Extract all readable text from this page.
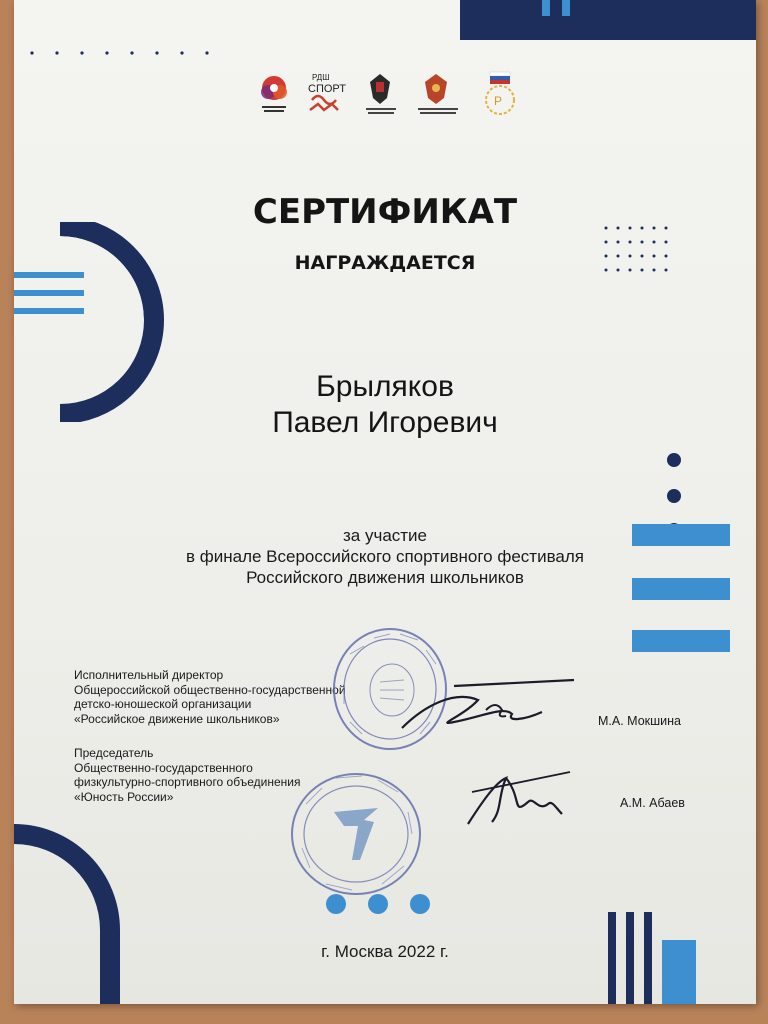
РДШ
СПОРТ
Р
СЕРТИФИКАТ
НАГРАЖДАЕТСЯ
Брыляков
Павел Игоревич
за участие
в финале Всероссийского спортивного фестиваля
Российского движения школьников
Исполнительный директор
Общероссийской общественно-государственной
детско-юношеской организации
«Российское движение школьников»	М.А. Мокшина
Председатель
Общественно-государственного
физкультурно-спортивного объединения
«Юность России»	А.М. Абаев
г. Москва 2022 г.
